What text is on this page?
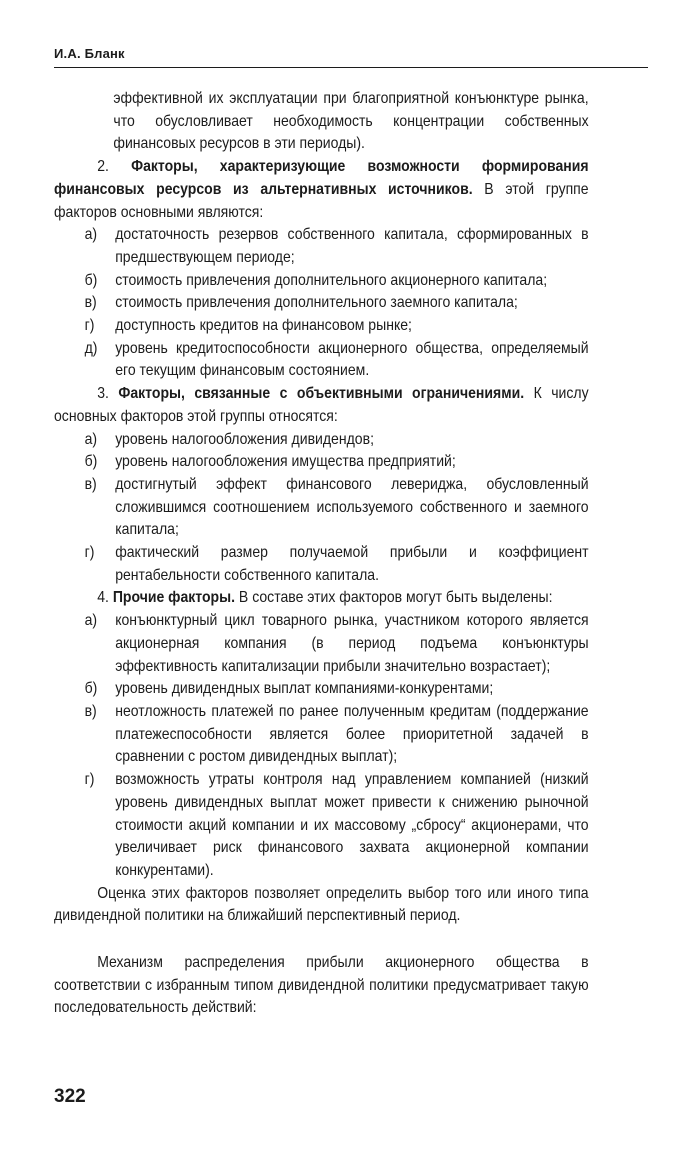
И.А. Бланк

эффективной их эксплуатации при благоприятной конъюнктуре рынка, что обусловливает необходимость концентрации собственных финансовых ресурсов в эти периоды).

2. Факторы, характеризующие возможности формирования финансовых ресурсов из альтернативных источников. В этой группе факторов основными являются:

а)	достаточность резервов собственного капитала, сформированных в предшествующем периоде;
б)	стоимость привлечения дополнительного акционерного капитала;
в)	стоимость привлечения дополнительного заемного капитала;
г)	доступность кредитов на финансовом рынке;
д)	уровень кредитоспособности акционерного общества, определяемый его текущим финансовым состоянием.

3. Факторы, связанные с объективными ограничениями. К числу основных факторов этой группы относятся:

а)	уровень налогообложения дивидендов;
б)	уровень налогообложения имущества предприятий;
в)	достигнутый эффект финансового левериджа, обусловленный сложившимся соотношением используемого собственного и заемного капитала;
г)	фактический размер получаемой прибыли и коэффициент рентабельности собственного капитала.

4. Прочие факторы. В составе этих факторов могут быть выделены:

а)	конъюнктурный цикл товарного рынка, участником которого является акционерная компания (в период подъема конъюнктуры эффективность капитализации прибыли значительно возрастает);
б)	уровень дивидендных выплат компаниями-конкурентами;
в)	неотложность платежей по ранее полученным кредитам (поддержание платежеспособности является более приоритетной задачей в сравнении с ростом дивидендных выплат);
г)	возможность утраты контроля над управлением компанией (низкий уровень дивидендных выплат может привести к снижению рыночной стоимости акций компании и их массовому „сбросу“ акционерами, что увеличивает риск финансового захвата акционерной компании конкурентами).

Оценка этих факторов позволяет определить выбор того или иного типа дивидендной политики на ближайший перспективный период.

Механизм распределения прибыли акционерного общества в соответствии с избранным типом дивидендной политики предусматривает такую последовательность действий:

322
